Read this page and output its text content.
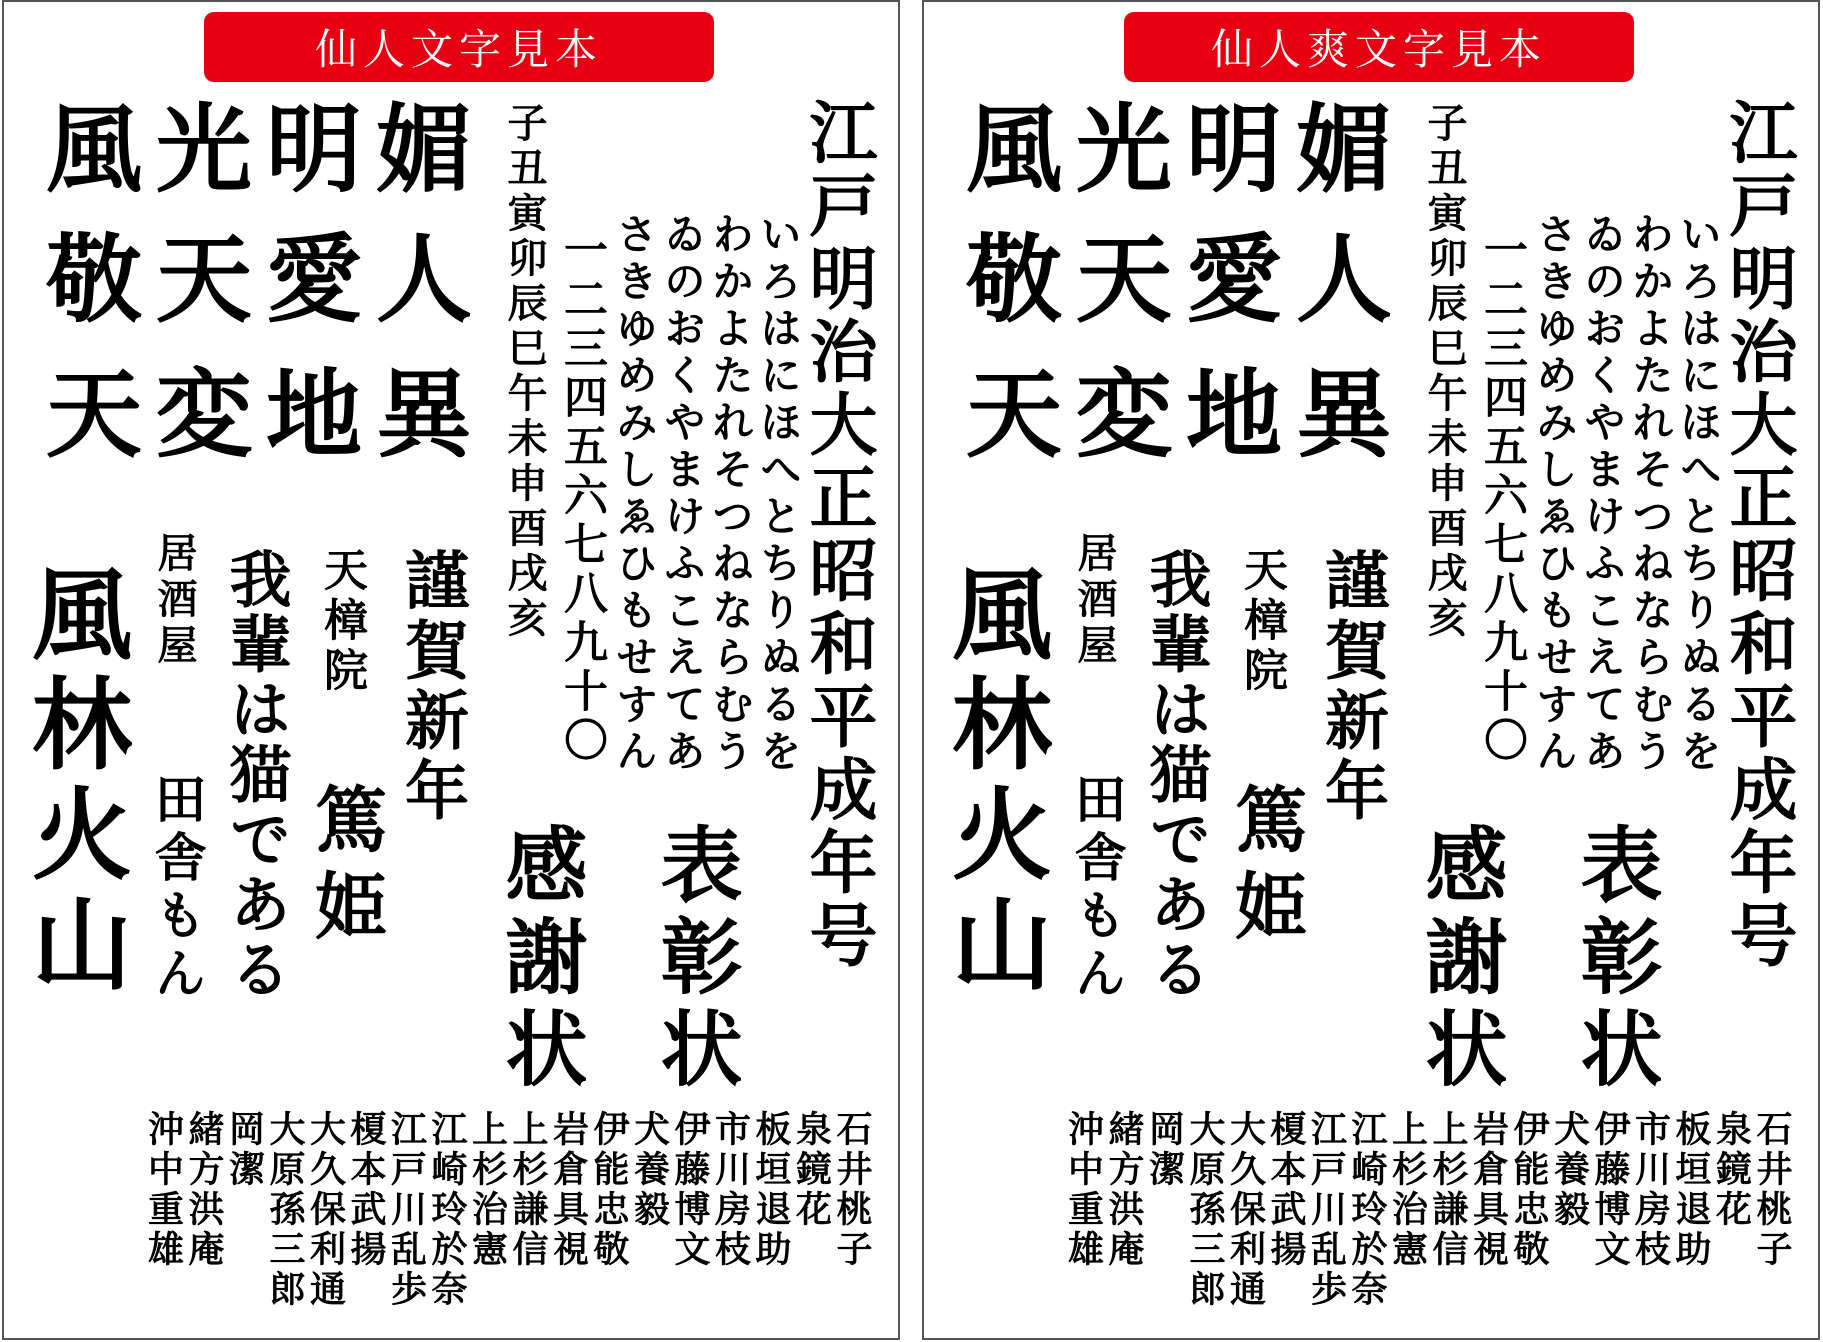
仙人文字見本
風 光 明 媚
敬 天 愛 人
天 変 地 異	江戸明治大正昭和平成年号
いろはにほへとちりぬるを
わかよたれそつねならむう
ゐのおくやまけふこえてあ
さきゆめみしゑひもせすん
一二三四五六七八九十〇
子丑寅卯辰巳午未申酉戌亥
風林火山 居酒屋
田舎もん 我輩は猫である 天樟院
篤姫
謹賀新年
感謝状 表彰状
石井桃子
泉鏡花
板垣退助
市川房枝
伊藤博文
犬養毅
伊能忠敬
岩倉具視
上杉謙信
上杉治憲
江崎玲於奈
江戸川乱歩
榎本武揚
大久保利通
大原孫三郎
岡潔
緒方洪庵
沖中重雄
仙人爽文字見本
風 光 明 媚
敬 天 愛 人
天 変 地 異	江戸明治大正昭和平成年号
いろはにほへとちりぬるを
わかよたれそつねならむう
ゐのおくやまけふこえてあ
さきゆめみしゑひもせすん
一二三四五六七八九十〇
子丑寅卯辰巳午未申酉戌亥
風林火山 居酒屋
田舎もん 我輩は猫である 天樟院
篤姫
謹賀新年
感謝状 表彰状
石井桃子
泉鏡花
板垣退助
市川房枝
伊藤博文
犬養毅
伊能忠敬
岩倉具視
上杉謙信
上杉治憲
江崎玲於奈
江戸川乱歩
榎本武揚
大久保利通
大原孫三郎
岡潔
緒方洪庵
沖中重雄
